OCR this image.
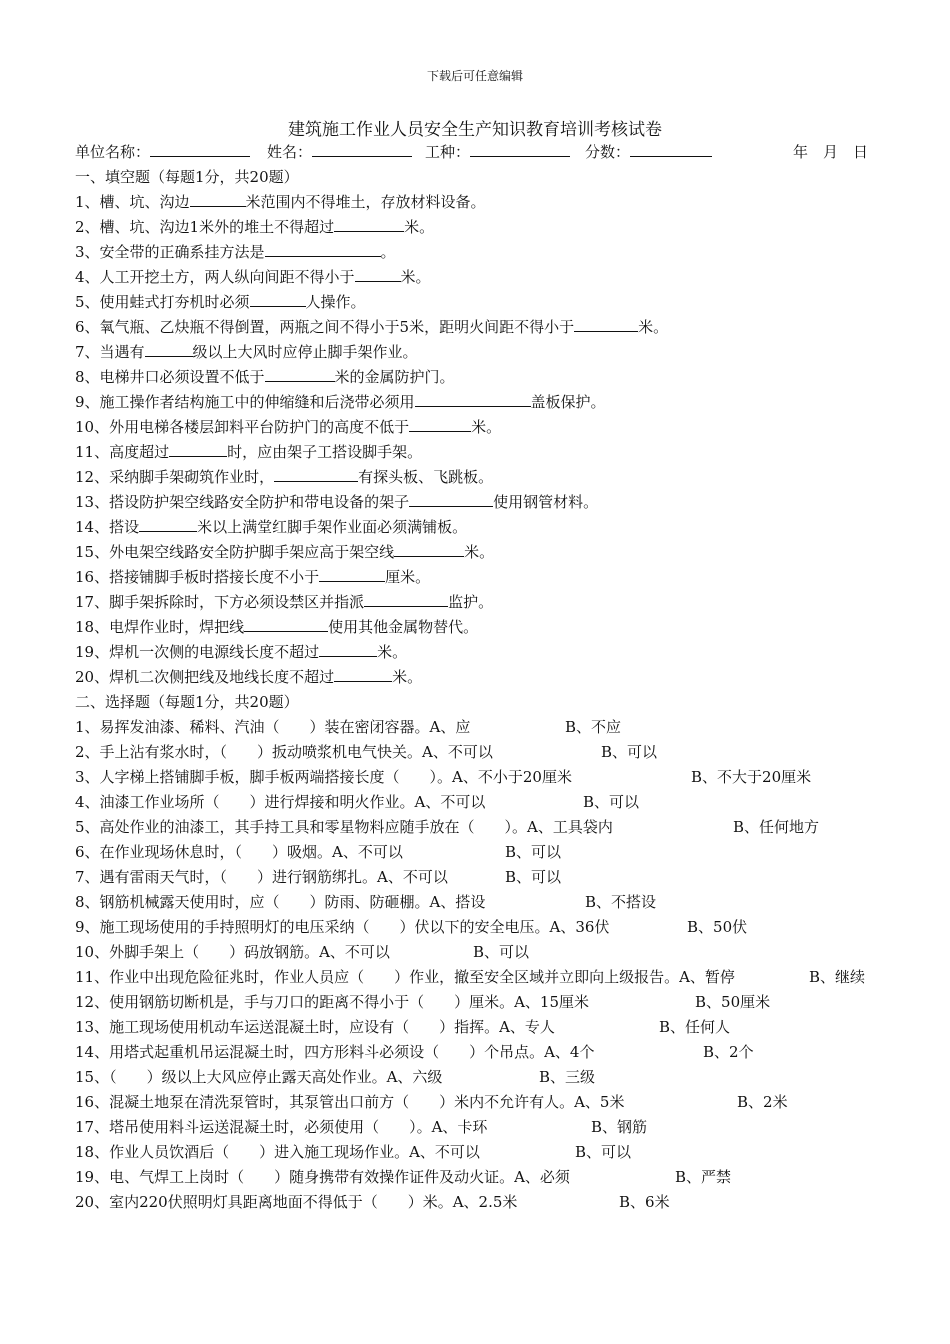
下载后可任意编辑
建筑施工作业人员安全生产知识教育培训考核试卷
单位名称：	姓名：	工种：	分数：	年　月　日
一、填空题（每题1分，共20题）
1、槽、坑、沟边	米范围内不得堆土，存放材料设备。
2、槽、坑、沟边1米外的堆土不得超过	米。
3、安全带的正确系挂方法是	。
4、人工开挖土方，两人纵向间距不得小于	米。
5、使用蛙式打夯机时必须	人操作。
6、氧气瓶、乙炔瓶不得倒置，两瓶之间不得小于5米，距明火间距不得小于	米。
7、当遇有	级以上大风时应停止脚手架作业。
8、电梯井口必须设置不低于	米的金属防护门。
9、施工操作者结构施工中的伸缩缝和后浇带必须用	盖板保护。
10、外用电梯各楼层卸料平台防护门的高度不低于	米。
11、高度超过	时，应由架子工搭设脚手架。
12、采纳脚手架砌筑作业时，	有探头板、飞跳板。
13、搭设防护架空线路安全防护和带电设备的架子	使用钢管材料。
14、搭设	米以上满堂红脚手架作业面必须满铺板。
15、外电架空线路安全防护脚手架应高于架空线	米。
16、搭接铺脚手板时搭接长度不小于	厘米。
17、脚手架拆除时，下方必须设禁区并指派	监护。
18、电焊作业时，焊把线	使用其他金属物替代。
19、焊机一次侧的电源线长度不超过	米。
20、焊机二次侧把线及地线长度不超过	米。
二、选择题（每题1分，共20题）
1、易挥发油漆、稀料、汽油（　　）装在密闭容器。A、应	B、不应
2、手上沾有浆水时，（　　）扳动喷浆机电气快关。A、不可以	B、可以
3、人字梯上搭铺脚手板，脚手板两端搭接长度（　　）。A、不小于20厘米	B、不大于20厘米
4、油漆工作业场所（　　）进行焊接和明火作业。A、不可以	B、可以
5、高处作业的油漆工，其手持工具和零星物料应随手放在（　　）。A、工具袋内	B、任何地方
6、在作业现场休息时，（　　）吸烟。A、不可以	B、可以
7、遇有雷雨天气时，（　　）进行钢筋绑扎。A、不可以	B、可以
8、钢筋机械露天使用时，应（　　）防雨、防砸棚。A、搭设	B、不搭设
9、施工现场使用的手持照明灯的电压采纳（　　）伏以下的安全电压。A、36伏	B、50伏
10、外脚手架上（　　）码放钢筋。A、不可以	B、可以
11、作业中出现危险征兆时，作业人员应（　　）作业，撤至安全区域并立即向上级报告。A、暂停	B、继续
12、使用钢筋切断机是，手与刀口的距离不得小于（　　）厘米。A、15厘米	B、50厘米
13、施工现场使用机动车运送混凝土时，应设有（　　）指挥。A、专人	B、任何人
14、用塔式起重机吊运混凝土时，四方形料斗必须设（　　）个吊点。A、4个	B、2个
15、（　　）级以上大风应停止露天高处作业。A、六级	B、三级
16、混凝土地泵在清洗泵管时，其泵管出口前方（　　）米内不允许有人。A、5米	B、2米
17、塔吊使用料斗运送混凝土时，必须使用（　　）。A、卡环	B、钢筋
18、作业人员饮酒后（　　）进入施工现场作业。A、不可以	B、可以
19、电、气焊工上岗时（　　）随身携带有效操作证件及动火证。A、必须	B、严禁
20、室内220伏照明灯具距离地面不得低于（　　）米。A、2.5米	B、6米
